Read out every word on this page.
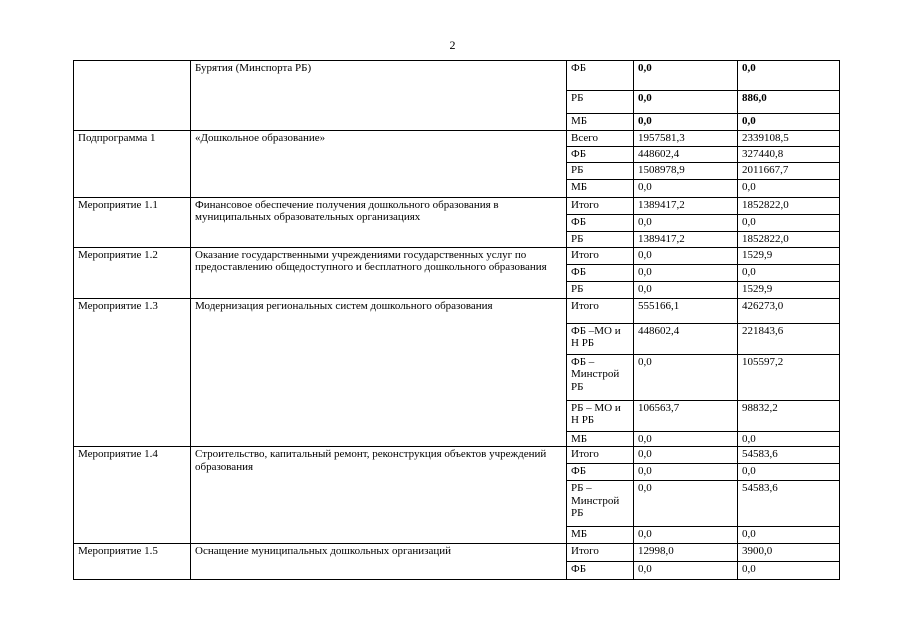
2
	Бурятия (Минспорта РБ)	ФБ	0,0	0,0
		РБ	0,0	886,0
		МБ	0,0	0,0
Подпрограмма 1	«Дошкольное образование»	Всего	1957581,3	2339108,5
		ФБ	448602,4	327440,8
		РБ	1508978,9	2011667,7
		МБ	0,0	0,0
Мероприятие 1.1	Финансовое обеспечение получения дошкольного образования в муниципальных образовательных организациях	Итого	1389417,2	1852822,0
		ФБ	0,0	0,0
		РБ	1389417,2	1852822,0
Мероприятие 1.2	Оказание государственными учреждениями государственных услуг по предоставлению общедоступного и бесплатного дошкольного образования	Итого	0,0	1529,9
		ФБ	0,0	0,0
		РБ	0,0	1529,9
Мероприятие 1.3	Модернизация региональных систем дошкольного образования	Итого	555166,1	426273,0
		ФБ –МО и Н РБ	448602,4	221843,6
		ФБ – Минстрой РБ	0,0	105597,2
		РБ – МО и Н РБ	106563,7	98832,2
		МБ	0,0	0,0
Мероприятие 1.4	Строительство, капитальный ремонт, реконструкция объектов учреждений образования	Итого	0,0	54583,6
		ФБ	0,0	0,0
		РБ – Минстрой РБ	0,0	54583,6
		МБ	0,0	0,0
Мероприятие 1.5	Оснащение муниципальных дошкольных организаций	Итого	12998,0	3900,0
		ФБ	0,0	0,0
